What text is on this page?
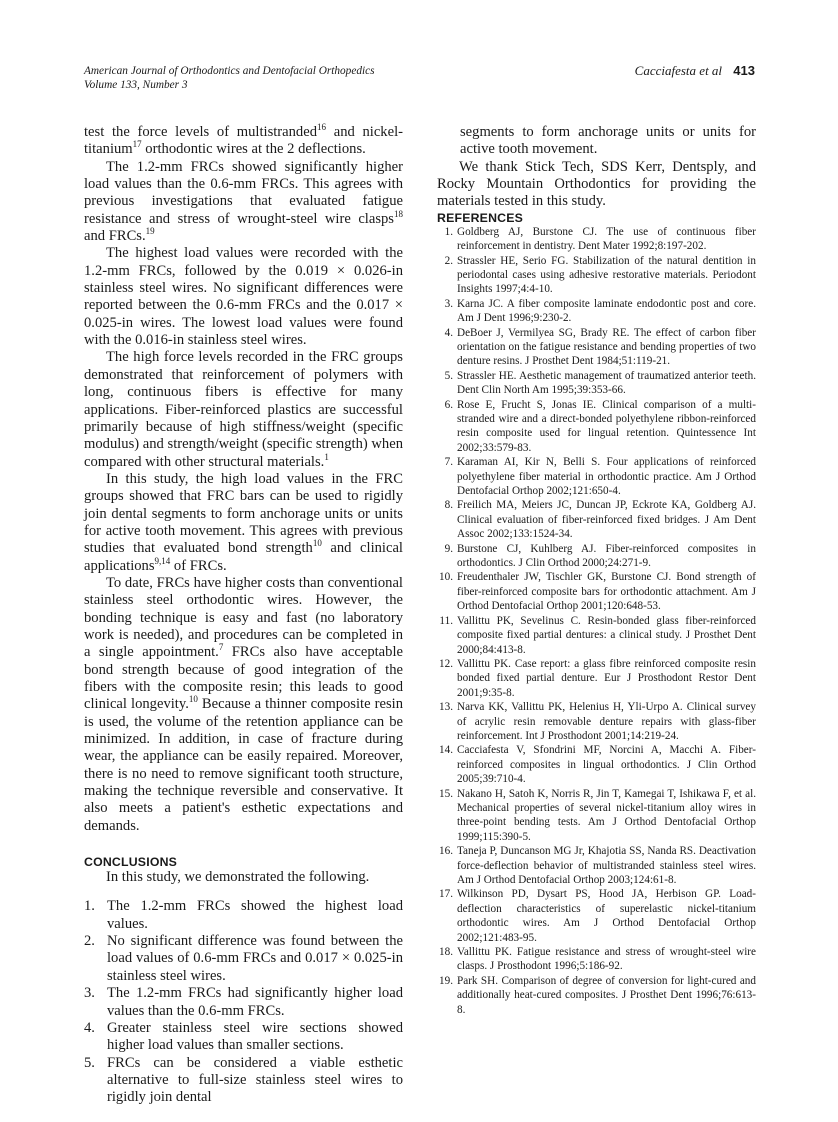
American Journal of Orthodontics and Dentofacial Orthopedics
Volume 133, Number 3
Cacciafesta et al 413

test the force levels of multistranded$^{16}$ and nickel-titanium$^{17}$ orthodontic wires at the 2 deflections.

The 1.2-mm FRCs showed significantly higher load values than the 0.6-mm FRCs. This agrees with previous investigations that evaluated fatigue resistance and stress of wrought-steel wire clasps$^{18}$ and FRCs.$^{19}$

The highest load values were recorded with the 1.2-mm FRCs, followed by the 0.019 × 0.026-in stainless steel wires. No significant differences were reported between the 0.6-mm FRCs and the 0.017 × 0.025-in wires. The lowest load values were found with the 0.016-in stainless steel wires.

The high force levels recorded in the FRC groups demonstrated that reinforcement of polymers with long, continuous fibers is effective for many applications. Fiber-reinforced plastics are successful primarily because of high stiffness/weight (specific modulus) and strength/weight (specific strength) when compared with other structural materials.$^1$

In this study, the high load values in the FRC groups showed that FRC bars can be used to rigidly join dental segments to form anchorage units or units for active tooth movement. This agrees with previous studies that evaluated bond strength$^{10}$ and clinical applications$^{9,14}$ of FRCs.

To date, FRCs have higher costs than conventional stainless steel orthodontic wires. However, the bonding technique is easy and fast (no laboratory work is needed), and procedures can be completed in a single appointment.$^7$ FRCs also have acceptable bond strength because of good integration of the fibers with the composite resin; this leads to good clinical longevity.$^{10}$ Because a thinner composite resin is used, the volume of the retention appliance can be minimized. In addition, in case of fracture during wear, the appliance can be easily repaired. Moreover, there is no need to remove significant tooth structure, making the technique reversible and conservative. It also meets a patient's esthetic expectations and demands.

CONCLUSIONS

In this study, we demonstrated the following.

1. The 1.2-mm FRCs showed the highest load values.
2. No significant difference was found between the load values of 0.6-mm FRCs and 0.017 × 0.025-in stainless steel wires.
3. The 1.2-mm FRCs had significantly higher load values than the 0.6-mm FRCs.
4. Greater stainless steel wire sections showed higher load values than smaller sections.
5. FRCs can be considered a viable esthetic alternative to full-size stainless steel wires to rigidly join dental

segments to form anchorage units or units for active tooth movement.

We thank Stick Tech, SDS Kerr, Dentsply, and Rocky Mountain Orthodontics for providing the materials tested in this study.

REFERENCES
1. Goldberg AJ, Burstone CJ. The use of continuous fiber reinforcement in dentistry. Dent Mater 1992;8:197-202.
2. Strassler HE, Serio FG. Stabilization of the natural dentition in periodontal cases using adhesive restorative materials. Periodont Insights 1997;4:4-10.
3. Karna JC. A fiber composite laminate endodontic post and core. Am J Dent 1996;9:230-2.
4. DeBoer J, Vermilyea SG, Brady RE. The effect of carbon fiber orientation on the fatigue resistance and bending properties of two denture resins. J Prosthet Dent 1984;51:119-21.
5. Strassler HE. Aesthetic management of traumatized anterior teeth. Dent Clin North Am 1995;39:353-66.
6. Rose E, Frucht S, Jonas IE. Clinical comparison of a multi-stranded wire and a direct-bonded polyethylene ribbon-reinforced resin composite used for lingual retention. Quintessence Int 2002;33:579-83.
7. Karaman AI, Kir N, Belli S. Four applications of reinforced polyethylene fiber material in orthodontic practice. Am J Orthod Dentofacial Orthop 2002;121:650-4.
8. Freilich MA, Meiers JC, Duncan JP, Eckrote KA, Goldberg AJ. Clinical evaluation of fiber-reinforced fixed bridges. J Am Dent Assoc 2002;133:1524-34.
9. Burstone CJ, Kuhlberg AJ. Fiber-reinforced composites in orthodontics. J Clin Orthod 2000;24:271-9.
10. Freudenthaler JW, Tischler GK, Burstone CJ. Bond strength of fiber-reinforced composite bars for orthodontic attachment. Am J Orthod Dentofacial Orthop 2001;120:648-53.
11. Vallittu PK, Sevelinus C. Resin-bonded glass fiber-reinforced composite fixed partial dentures: a clinical study. J Prosthet Dent 2000;84:413-8.
12. Vallittu PK. Case report: a glass fibre reinforced composite resin bonded fixed partial denture. Eur J Prosthodont Restor Dent 2001;9:35-8.
13. Narva KK, Vallittu PK, Helenius H, Yli-Urpo A. Clinical survey of acrylic resin removable denture repairs with glass-fiber reinforcement. Int J Prosthodont 2001;14:219-24.
14. Cacciafesta V, Sfondrini MF, Norcini A, Macchi A. Fiber-reinforced composites in lingual orthodontics. J Clin Orthod 2005;39:710-4.
15. Nakano H, Satoh K, Norris R, Jin T, Kamegai T, Ishikawa F, et al. Mechanical properties of several nickel-titanium alloy wires in three-point bending tests. Am J Orthod Dentofacial Orthop 1999;115:390-5.
16. Taneja P, Duncanson MG Jr, Khajotia SS, Nanda RS. Deactivation force-deflection behavior of multistranded stainless steel wires. Am J Orthod Dentofacial Orthop 2003;124:61-8.
17. Wilkinson PD, Dysart PS, Hood JA, Herbison GP. Load-deflection characteristics of superelastic nickel-titanium orthodontic wires. Am J Orthod Dentofacial Orthop 2002;121:483-95.
18. Vallittu PK. Fatigue resistance and stress of wrought-steel wire clasps. J Prosthodont 1996;5:186-92.
19. Park SH. Comparison of degree of conversion for light-cured and additionally heat-cured composites. J Prosthet Dent 1996;76:613-8.
